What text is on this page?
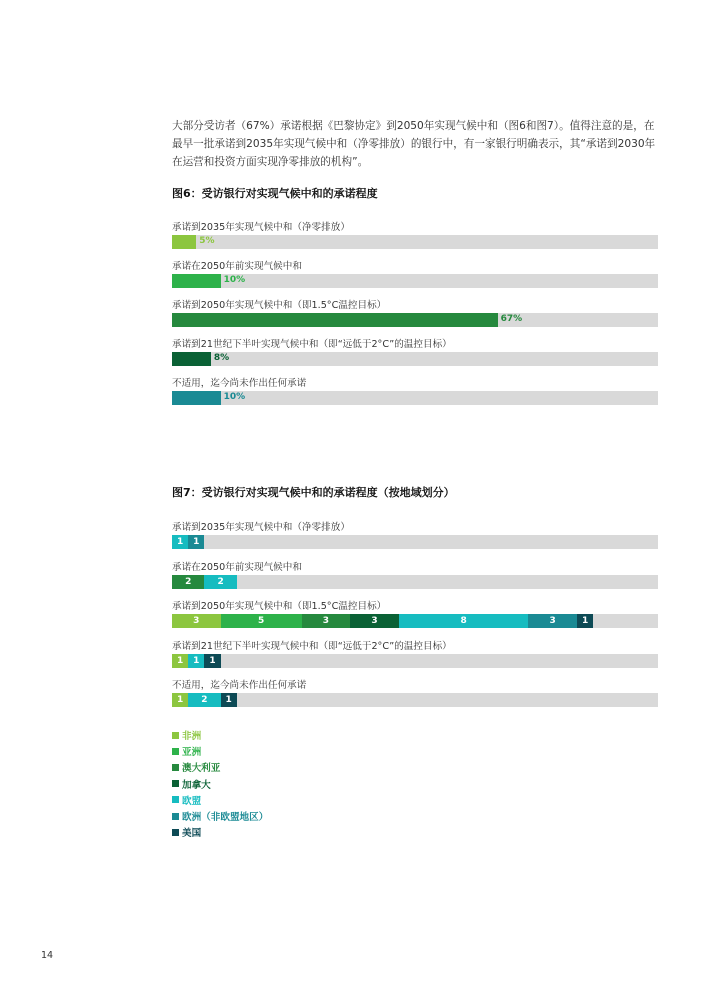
大部分受访者（67%）承诺根据《巴黎协定》到2050年实现气候中和（图6和图7）。值得注意的是，在最早一批承诺到2035年实现气候中和（净零排放）的银行中，有一家银行明确表示，其“承诺到2030年在运营和投资方面实现净零排放的机构”。

图6：受访银行对实现气候中和的承诺程度
承诺到2035年实现气候中和（净零排放）
5%
承诺在2050年前实现气候中和
10%
承诺到2050年实现气候中和（即1.5°C温控目标）
67%
承诺到21世纪下半叶实现气候中和（即“远低于2°C”的温控目标）
8%
不适用，迄今尚未作出任何承诺
10%
图7：受访银行对实现气候中和的承诺程度（按地域划分）
承诺到2035年实现气候中和（净零排放）
1	1
承诺在2050年前实现气候中和
2	2
承诺到2050年实现气候中和（即1.5°C温控目标）
3	5	3	3	8	3	1
承诺到21世纪下半叶实现气候中和（即“远低于2°C”的温控目标）
1	1	1
不适用，迄今尚未作出任何承诺
1	2	1
非洲
亚洲
澳大利亚
加拿大
欧盟
欧洲（非欧盟地区）
美国
14
